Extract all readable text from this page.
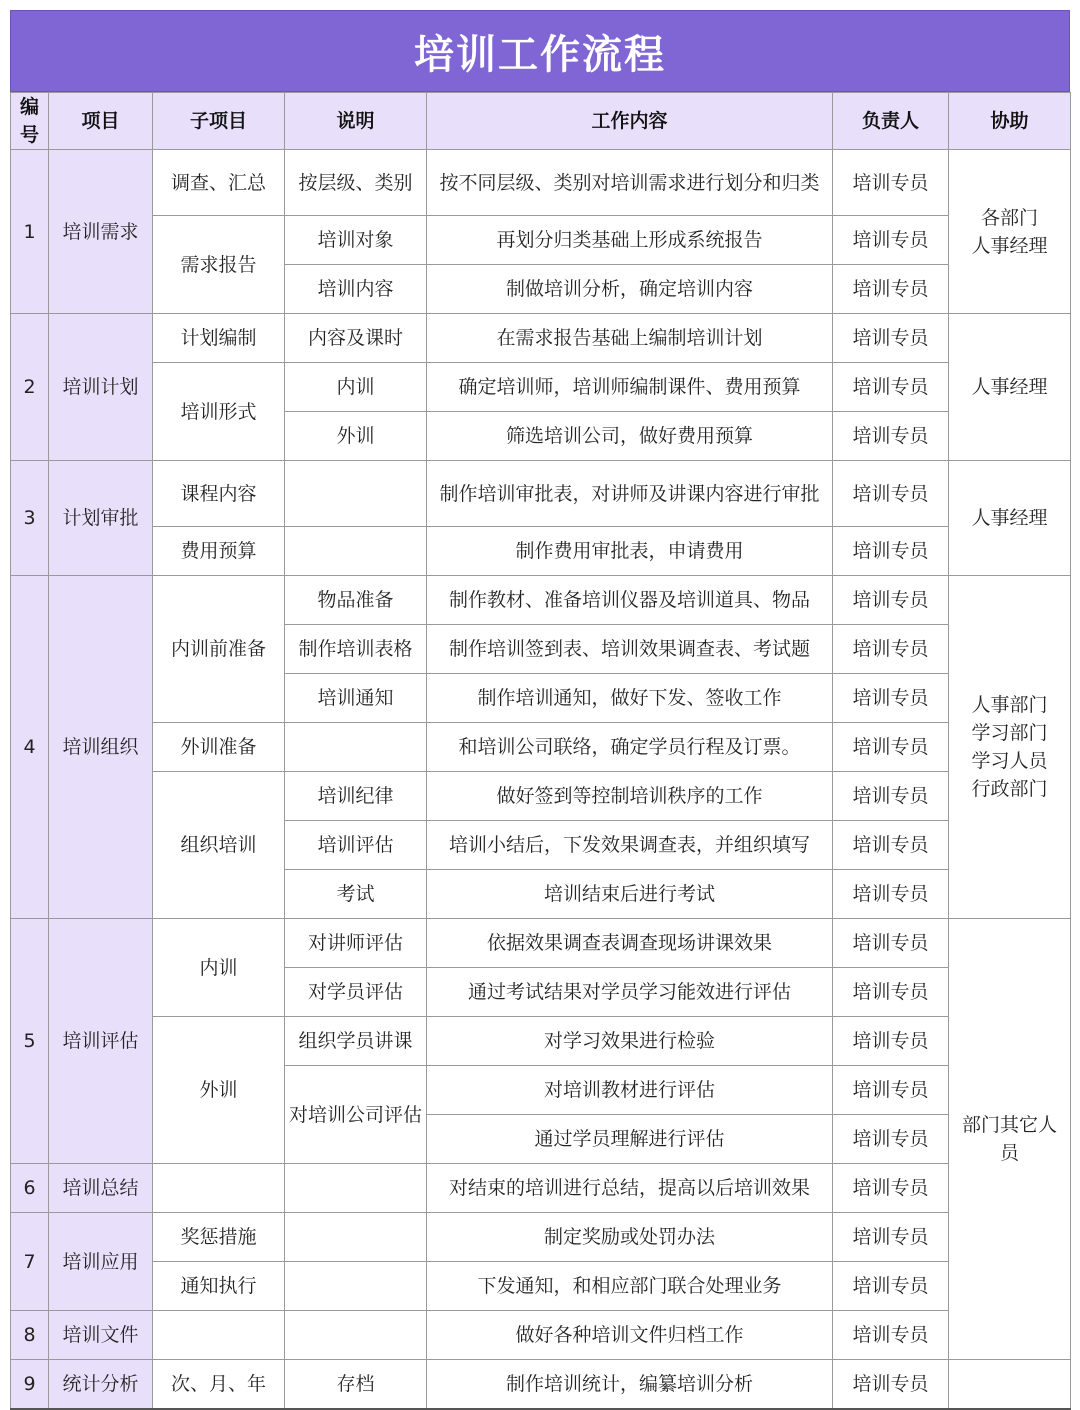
培训工作流程
编号	项目	子项目	说明	工作内容	负责人	协助	
1	培训需求	调查、汇总	按层级、类别	按不同层级、类别对培训需求进行划分和归类	培训专员	各部门
人事经理	

		需求报告	培训对象	再划分归类基础上形成系统报告	培训专员		
			培训内容	制做培训分析，确定培训内容	培训专员		
2	培训计划	计划编制	内容及课时	在需求报告基础上编制培训计划	培训专员	人事经理	

		培训形式	内训	确定培训师，培训师编制课件、费用预算	培训专员		
			外训	筛选培训公司，做好费用预算	培训专员		
3	计划审批	课程内容		制作培训审批表，对讲师及讲课内容进行审批	培训专员	人事经理	

		费用预算		制作费用审批表，申请费用	培训专员		
4	培训组织	内训前准备	物品准备	制作教材、准备培训仪器及培训道具、物品	培训专员	人事部门
学习部门
学习人员
行政部门	

			制作培训表格	制作培训签到表、培训效果调查表、考试题	培训专员		
			培训通知	制作培训通知，做好下发、签收工作	培训专员		
		外训准备		和培训公司联络，确定学员行程及订票。	培训专员		
		组织培训	培训纪律	做好签到等控制培训秩序的工作	培训专员		
			培训评估	培训小结后，下发效果调查表，并组织填写	培训专员		
			考试	培训结束后进行考试	培训专员		
5	培训评估	内训	对讲师评估	依据效果调查表调查现场讲课效果	培训专员	部门其它人员	

			对学员评估	通过考试结果对学员学习能效进行评估	培训专员		
		外训	组织学员讲课	对学习效果进行检验	培训专员		
			对培训公司评估	对培训教材进行评估	培训专员		
				通过学员理解进行评估	培训专员		
6	培训总结			对结束的培训进行总结，提高以后培训效果	培训专员		
7	培训应用	奖惩措施		制定奖励或处罚办法	培训专员		
		通知执行		下发通知，和相应部门联合处理业务	培训专员		
8	培训文件			做好各种培训文件归档工作	培训专员		
9	统计分析	次、月、年	存档	制作培训统计，编纂培训分析	培训专员		
